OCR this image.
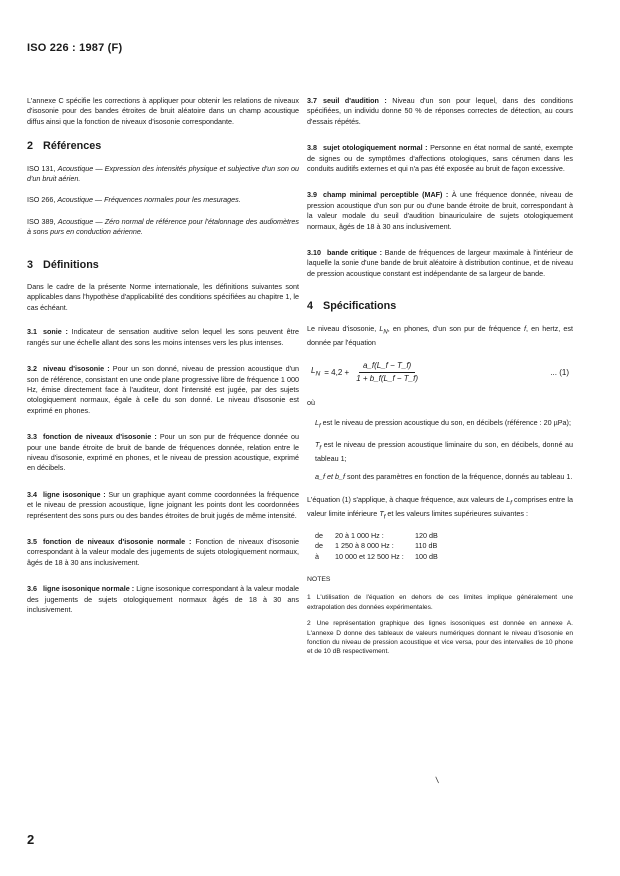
ISO 226 : 1987 (F)

L'annexe C spécifie les corrections à appliquer pour obtenir les relations de niveaux d'isosonie pour des bandes étroites de bruit aléatoire dans un champ acoustique diffus ainsi que la fonction de niveaux d'isosonie correspondante.

2 Références

ISO 131, Acoustique — Expression des intensités physique et subjective d'un son ou d'un bruit aérien.

ISO 266, Acoustique — Fréquences normales pour les mesurages.

ISO 389, Acoustique — Zéro normal de référence pour l'étalonnage des audiomètres à sons purs en conduction aérienne.

3 Définitions

Dans le cadre de la présente Norme internationale, les définitions suivantes sont applicables dans l'hypothèse d'applicabilité des conditions spécifiées au chapitre 1, le cas échéant.

3.1 sonie : Indicateur de sensation auditive selon lequel les sons peuvent être rangés sur une échelle allant des sons les moins intenses vers les plus intenses.

3.2 niveau d'isosonie : Pour un son donné, niveau de pression acoustique d'un son de référence, consistant en une onde plane progressive libre de fréquence 1 000 Hz, émise directement face à l'auditeur, dont l'intensité est jugée, par des sujets otologiquement normaux, égale à celle du son donné. Le niveau d'isosonie est exprimé en phones.

3.3 fonction de niveaux d'isosonie : Pour un son pur de fréquence donnée ou pour une bande étroite de bruit de bande de fréquences donnée, relation entre le niveau d'isosonie, exprimé en phones, et le niveau de pression acoustique, exprimé en décibels.

3.4 ligne isosonique : Sur un graphique ayant comme coordonnées la fréquence et le niveau de pression acoustique, ligne joignant les points dont les coordonnées représentent des sons purs ou des bandes étroites de bruit jugés de même intensité.

3.5 fonction de niveaux d'isosonie normale : Fonction de niveaux d'isosonie correspondant à la valeur modale des jugements de sujets otologiquement normaux, âgés de 18 à 30 ans inclusivement.

3.6 ligne isosonique normale : Ligne isosonique correspondant à la valeur modale des jugements de sujets otologiquement normaux âgés de 18 à 30 ans inclusivement.

3.7 seuil d'audition : Niveau d'un son pour lequel, dans des conditions spécifiées, un individu donne 50 % de réponses correctes de détection, au cours d'essais répétés.

3.8 sujet otologiquement normal : Personne en état normal de santé, exempte de signes ou de symptômes d'affections otologiques, sans cérumen dans les conduits auditifs externes et qui n'a pas été exposée au bruit de façon excessive.

3.9 champ minimal perceptible (MAF) : À une fréquence donnée, niveau de pression acoustique d'un son pur ou d'une bande étroite de bruit, correspondant à la valeur modale du seuil d'audition binauriculaire de sujets otologiquement normaux, âgés de 18 à 30 ans inclusivement.

3.10 bande critique : Bande de fréquences de largeur maximale à l'intérieur de laquelle la sonie d'une bande de bruit aléatoire à distribution continue, et de niveau de pression acoustique constant est indépendante de sa largeur de bande.

4 Spécifications

Le niveau d'isosonie, $L_N$, en phones, d'un son pur de fréquence f, en hertz, est donnée par l'équation

$L_N = 4,2 + \frac{a\_f(L\_f - T\_f)}{1 + b\_f(L\_f - T\_f)}$	... (1)

où

$L_f$ est le niveau de pression acoustique du son, en décibels (référence : 20 µPa);

$T_f$ est le niveau de pression acoustique liminaire du son, en décibels, donné au tableau 1;

a_f et b_f sont des paramètres en fonction de la fréquence, donnés au tableau 1.

L'équation (1) s'applique, à chaque fréquence, aux valeurs de $L_f$ comprises entre la valeur limite inférieure $T_f$ et les valeurs limites supérieures suivantes :

de	20 à 1 000 Hz :	120 dB
de	1 250 à 8 000 Hz :	110 dB
à	10 000 et 12 500 Hz :	100 dB
NOTES

1 L'utilisation de l'équation en dehors de ces limites implique généralement une extrapolation des données expérimentales.

2 Une représentation graphique des lignes isosoniques est donnée en annexe A. L'annexe D donne des tableaux de valeurs numériques donnant le niveau d'isosonie en fonction du niveau de pression acoustique et vice versa, pour des intervalles de 10 phone et de 10 dB respectivement.

/
2
